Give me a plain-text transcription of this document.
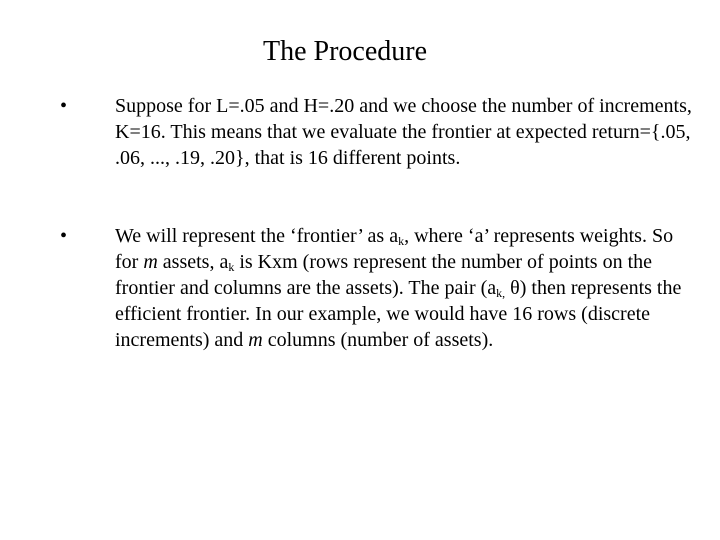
The Procedure
• Suppose for L=.05 and H=.20 and we choose the number of increments, K=16. This means that we evaluate the frontier at expected return={.05, .06, ..., .19, .20}, that is 16 different points.
• We will represent the ‘frontier’ as $a_k$, where ‘a’ represents weights. So for m assets, $a_k$ is Kxm (rows represent the number of points on the frontier and columns are the assets). The pair ($a_{k,}$ θ) then represents the efficient frontier. In our example, we would have 16 rows (discrete increments) and m columns (number of assets).
